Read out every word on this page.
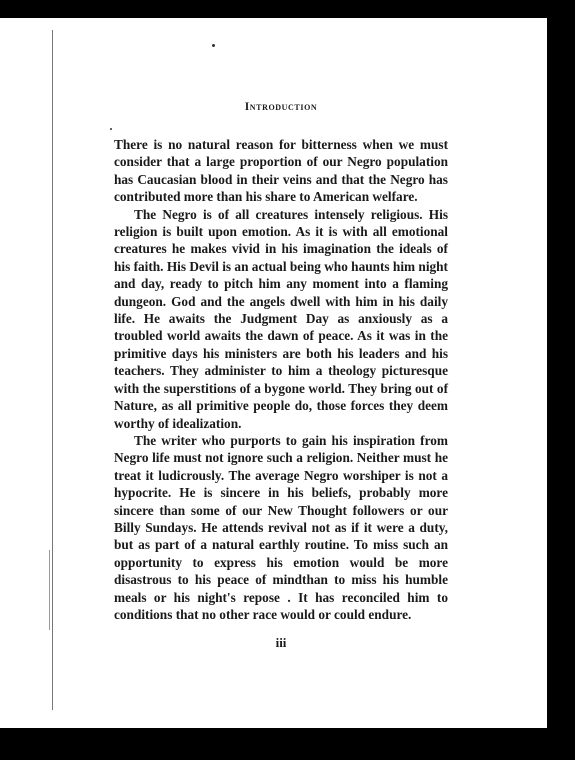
Introduction

There is no natural reason for bitterness when we must consider that a large proportion of our Negro population has Caucasian blood in their veins and that the Negro has contributed more than his share to American welfare.

The Negro is of all creatures intensely religious. His religion is built upon emotion. As it is with all emotional creatures he makes vivid in his imagination the ideals of his faith. His Devil is an actual being who haunts him night and day, ready to pitch him any moment into a flaming dungeon. God and the angels dwell with him in his daily life. He awaits the Judgment Day as anxiously as a troubled world awaits the dawn of peace. As it was in the primitive days his ministers are both his leaders and his teachers. They administer to him a theology picturesque with the superstitions of a bygone world. They bring out of Nature, as all primitive people do, those forces they deem worthy of idealization.

The writer who purports to gain his inspiration from Negro life must not ignore such a religion. Neither must he treat it ludicrously. The average Negro worshiper is not a hypocrite. He is sincere in his beliefs, probably more sincere than some of our New Thought followers or our Billy Sundays. He attends revival not as if it were a duty, but as part of a natural earthly routine. To miss such an opportunity to express his emotion would be more disastrous to his peace of mindthan to miss his humble meals or his night's repose . It has reconciled him to conditions that no other race would or could endure.

iii
